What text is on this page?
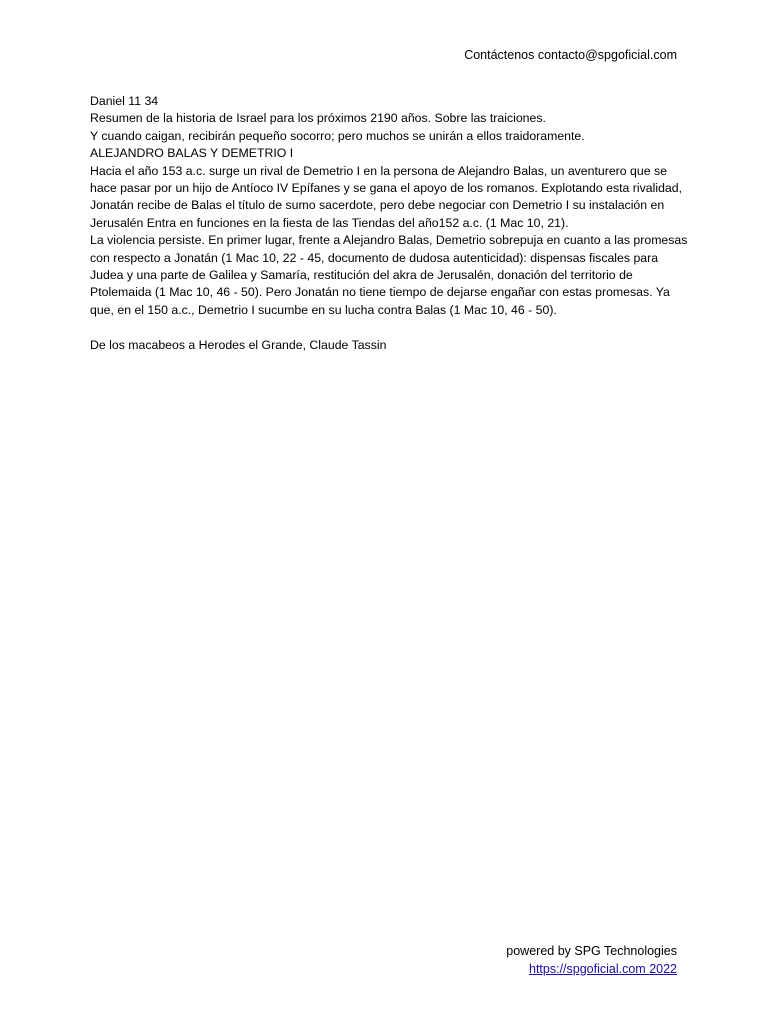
Contáctenos contacto@spgoficial.com

Daniel 11 34

Resumen de la historia de Israel para los próximos 2190 años. Sobre las traiciones.

Y cuando caigan, recibirán pequeño socorro; pero muchos se unirán a ellos traidoramente.

ALEJANDRO BALAS Y DEMETRIO I

Hacia el año 153 a.c. surge un rival de Demetrio I en la persona de Alejandro Balas, un aventurero que se hace pasar por un hijo de Antíoco IV Epífanes y se gana el apoyo de los romanos. Explotando esta rivalidad, Jonatán recibe de Balas el título de sumo sacerdote, pero debe negociar con Demetrio I su instalación en Jerusalén Entra en funciones en la fiesta de las Tiendas del año152 a.c. (1 Mac 10, 21).

La violencia persiste. En primer lugar, frente a Alejandro Balas, Demetrio sobrepuja en cuanto a las promesas con respecto a Jonatán (1 Mac 10, 22 - 45, documento de dudosa autenticidad): dispensas fiscales para Judea y una parte de Galilea y Samaría, restitución del akra de Jerusalén, donación del territorio de Ptolemaida (1 Mac 10, 46 - 50). Pero Jonatán no tiene tiempo de dejarse engañar con estas promesas. Ya que, en el 150 a.c., Demetrio I sucumbe en su lucha contra Balas (1 Mac 10, 46 - 50).

De los macabeos a Herodes el Grande, Claude Tassin

powered by SPG Technologies
https://spgoficial.com 2022
